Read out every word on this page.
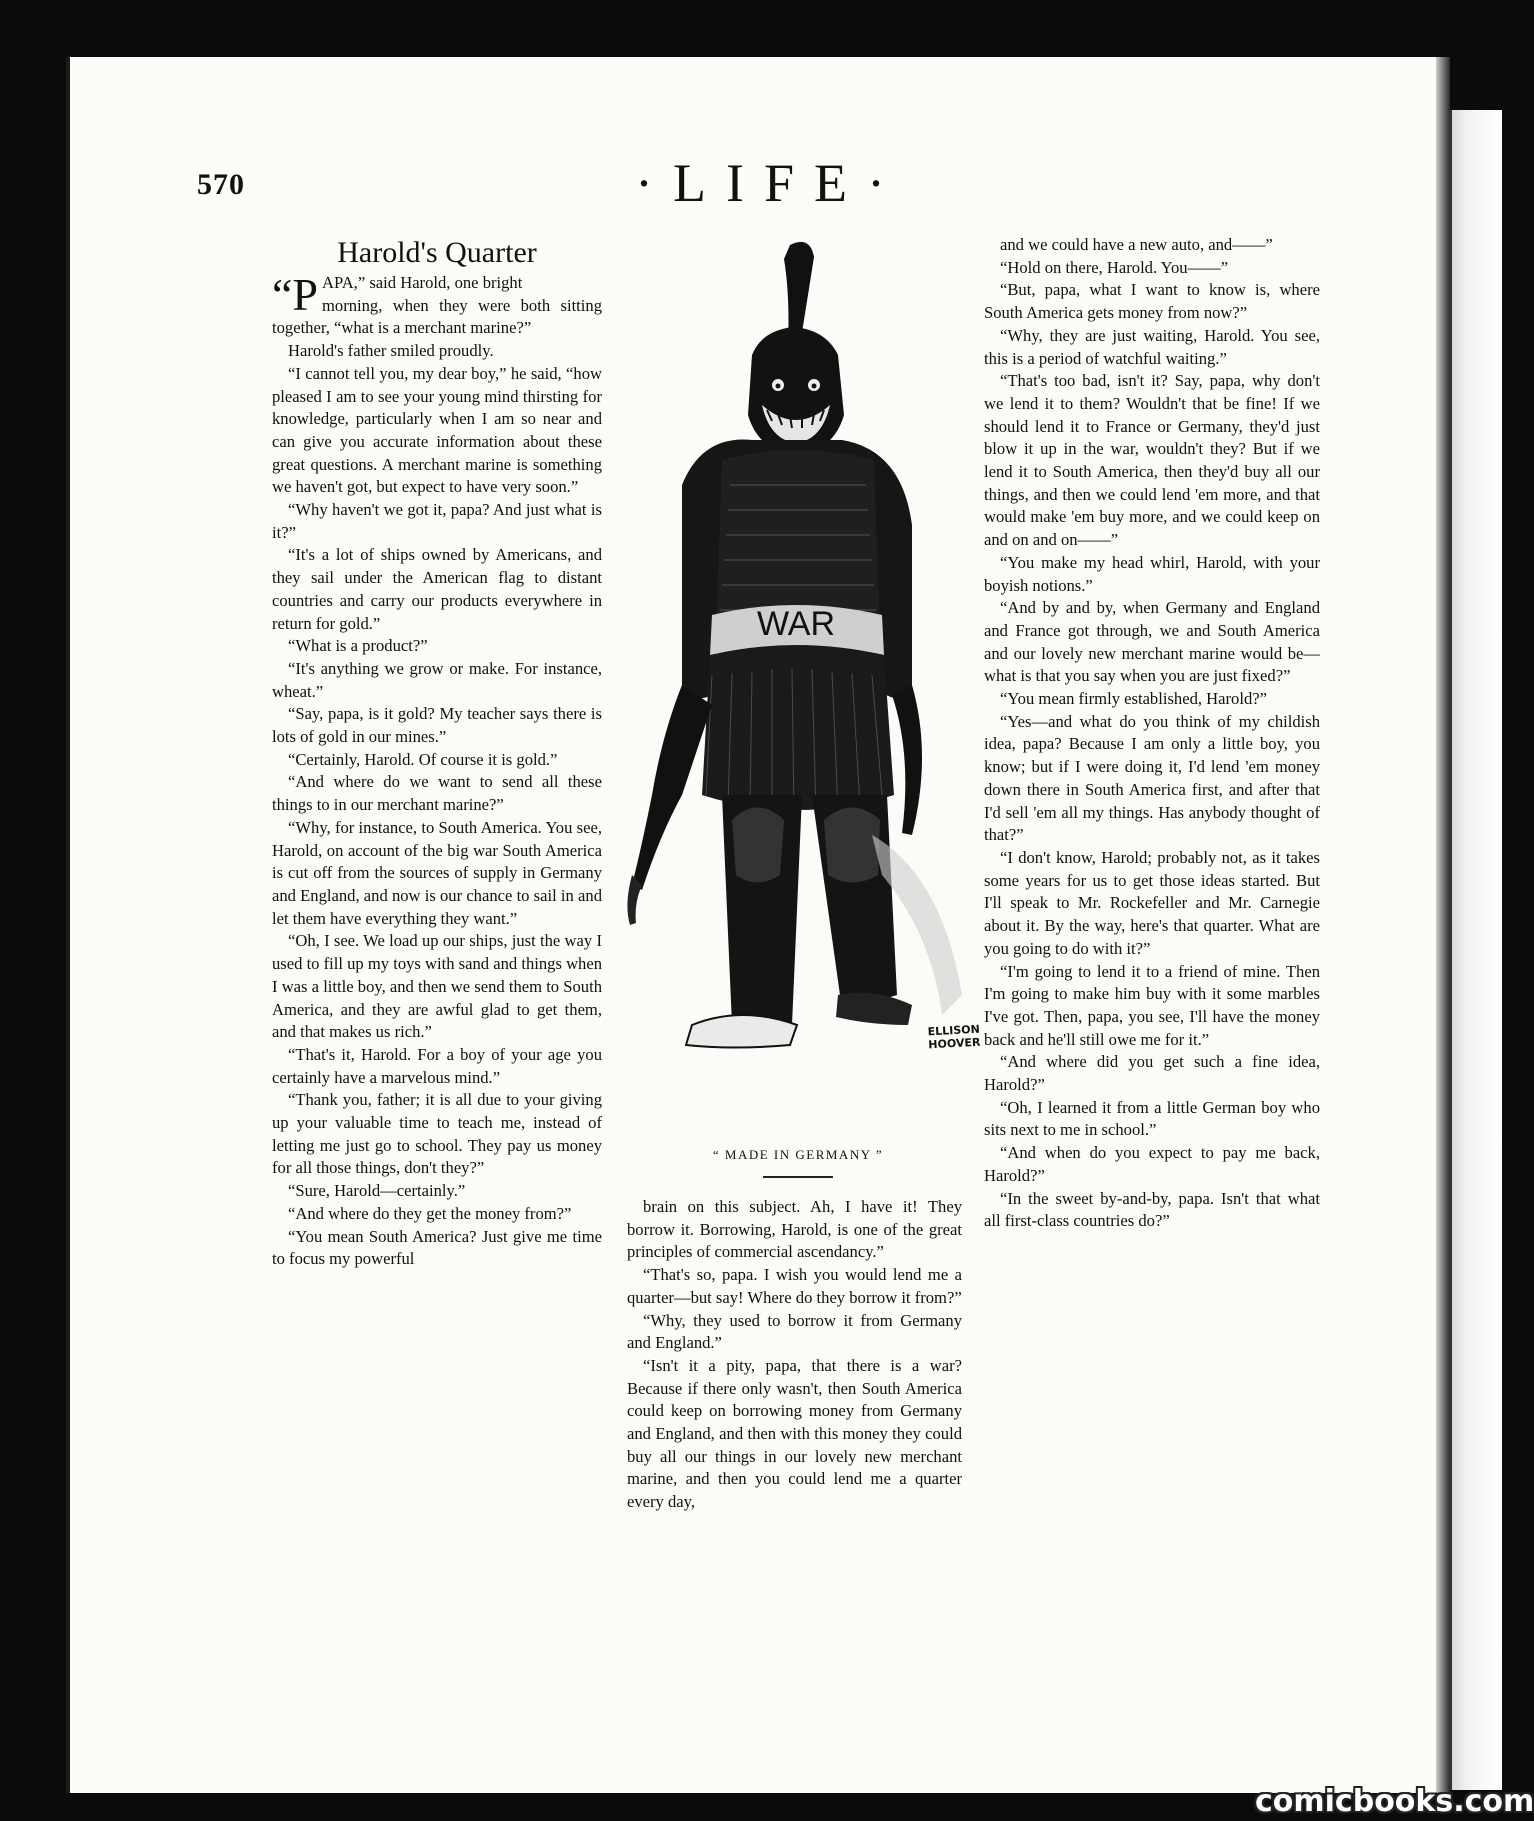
570	·LIFE·
Harold's Quarter

“PAPA,” said Harold, one bright

morning, when they were both sitting together, “what is a merchant marine?”

Harold's father smiled proudly.

“I cannot tell you, my dear boy,” he said, “how pleased I am to see your young mind thirsting for knowledge, particularly when I am so near and can give you accurate information about these great questions. A merchant marine is something we haven't got, but expect to have very soon.”

“Why haven't we got it, papa? And just what is it?”

“It's a lot of ships owned by Americans, and they sail under the American flag to distant countries and carry our products everywhere in return for gold.”

“What is a product?”

“It's anything we grow or make. For instance, wheat.”

“Say, papa, is it gold? My teacher says there is lots of gold in our mines.”

“Certainly, Harold. Of course it is gold.”

“And where do we want to send all these things to in our merchant marine?”

“Why, for instance, to South America. You see, Harold, on account of the big war South America is cut off from the sources of supply in Germany and England, and now is our chance to sail in and let them have everything they want.”

“Oh, I see. We load up our ships, just the way I used to fill up my toys with sand and things when I was a little boy, and then we send them to South America, and they are awful glad to get them, and that makes us rich.”

“That's it, Harold. For a boy of your age you certainly have a marvelous mind.”

“Thank you, father; it is all due to your giving up your valuable time to teach me, instead of letting me just go to school. They pay us money for all those things, don't they?”

“Sure, Harold—certainly.”

“And where do they get the money from?”

“You mean South America? Just give me time to focus my powerful

WAR
ELLISON
HOOVER
“ MADE IN GERMANY ”

brain on this subject. Ah, I have it! They borrow it. Borrowing, Harold, is one of the great principles of commercial ascendancy.”

“That's so, papa. I wish you would lend me a quarter—but say! Where do they borrow it from?”

“Why, they used to borrow it from Germany and England.”

“Isn't it a pity, papa, that there is a war? Because if there only wasn't, then South America could keep on borrowing money from Germany and England, and then with this money they could buy all our things in our lovely new merchant marine, and then you could lend me a quarter every day,

and we could have a new auto, and——”

“Hold on there, Harold. You——”

“But, papa, what I want to know is, where South America gets money from now?”

“Why, they are just waiting, Harold. You see, this is a period of watchful waiting.”

“That's too bad, isn't it? Say, papa, why don't we lend it to them? Wouldn't that be fine! If we should lend it to France or Germany, they'd just blow it up in the war, wouldn't they? But if we lend it to South America, then they'd buy all our things, and then we could lend 'em more, and that would make 'em buy more, and we could keep on and on and on——”

“You make my head whirl, Harold, with your boyish notions.”

“And by and by, when Germany and England and France got through, we and South America and our lovely new merchant marine would be—what is that you say when you are just fixed?”

“You mean firmly established, Harold?”

“Yes—and what do you think of my childish idea, papa? Because I am only a little boy, you know; but if I were doing it, I'd lend 'em money down there in South America first, and after that I'd sell 'em all my things. Has anybody thought of that?”

“I don't know, Harold; probably not, as it takes some years for us to get those ideas started. But I'll speak to Mr. Rockefeller and Mr. Carnegie about it. By the way, here's that quarter. What are you going to do with it?”

“I'm going to lend it to a friend of mine. Then I'm going to make him buy with it some marbles I've got. Then, papa, you see, I'll have the money back and he'll still owe me for it.”

“And where did you get such a fine idea, Harold?”

“Oh, I learned it from a little German boy who sits next to me in school.”

“And when do you expect to pay me back, Harold?”

“In the sweet by-and-by, papa. Isn't that what all first-class countries do?”

comicbooks.com
